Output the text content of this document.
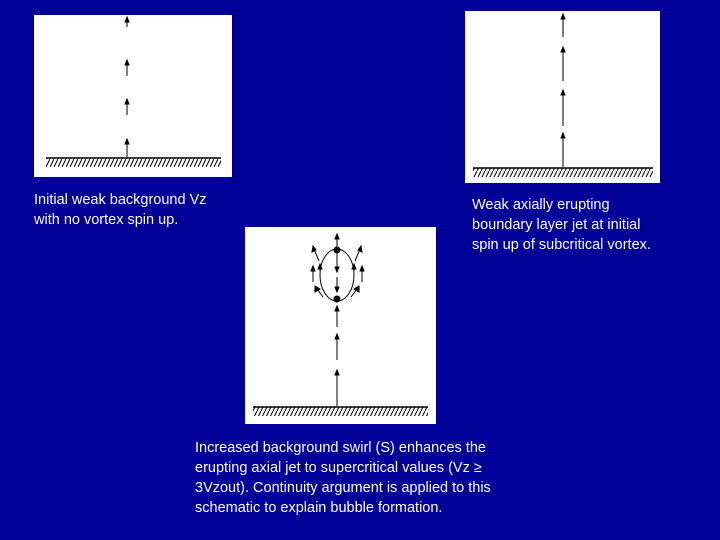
Initial weak background Vz
with no vortex spin up.
Weak axially erupting
boundary layer jet at initial
spin up of subcritical vortex.
Increased background swirl (S) enhances the
erupting axial jet to supercritical values (Vz ≥
3Vzout). Continuity argument is applied to this
schematic to explain bubble formation.
